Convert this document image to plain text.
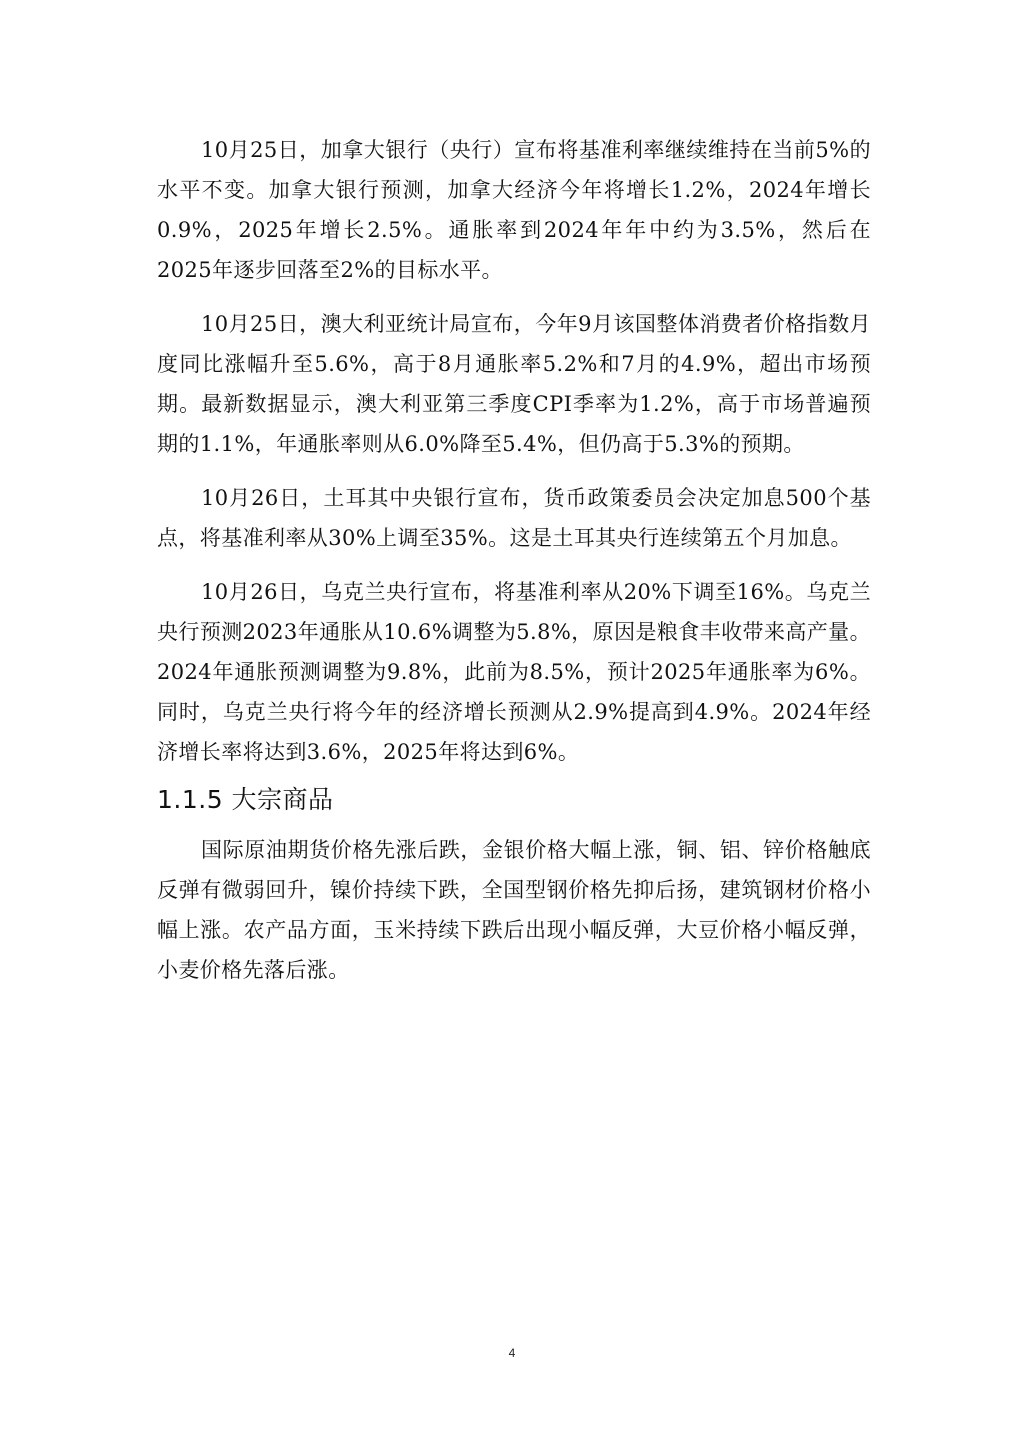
10月25日，加拿大银行（央行）宣布将基准利率继续维持在当前5%的水平不变。加拿大银行预测，加拿大经济今年将增长1.2%，2024年增长0.9%，2025年增长2.5%。通胀率到2024年年中约为3.5%，然后在2025年逐步回落至2%的目标水平。

10月25日，澳大利亚统计局宣布，今年9月该国整体消费者价格指数月度同比涨幅升至5.6%，高于8月通胀率5.2%和7月的4.9%，超出市场预期。最新数据显示，澳大利亚第三季度CPI季率为1.2%，高于市场普遍预期的1.1%，年通胀率则从6.0%降至5.4%，但仍高于5.3%的预期。

10月26日，土耳其中央银行宣布，货币政策委员会决定加息500个基点，将基准利率从30%上调至35%。这是土耳其央行连续第五个月加息。

10月26日，乌克兰央行宣布，将基准利率从20%下调至16%。乌克兰央行预测2023年通胀从10.6%调整为5.8%，原因是粮食丰收带来高产量。2024年通胀预测调整为9.8%，此前为8.5%，预计2025年通胀率为6%。同时，乌克兰央行将今年的经济增长预测从2.9%提高到4.9%。2024年经济增长率将达到3.6%，2025年将达到6%。

1.1.5 大宗商品

国际原油期货价格先涨后跌，金银价格大幅上涨，铜、铝、锌价格触底反弹有微弱回升，镍价持续下跌，全国型钢价格先抑后扬，建筑钢材价格小幅上涨。农产品方面，玉米持续下跌后出现小幅反弹，大豆价格小幅反弹，小麦价格先落后涨。

4
